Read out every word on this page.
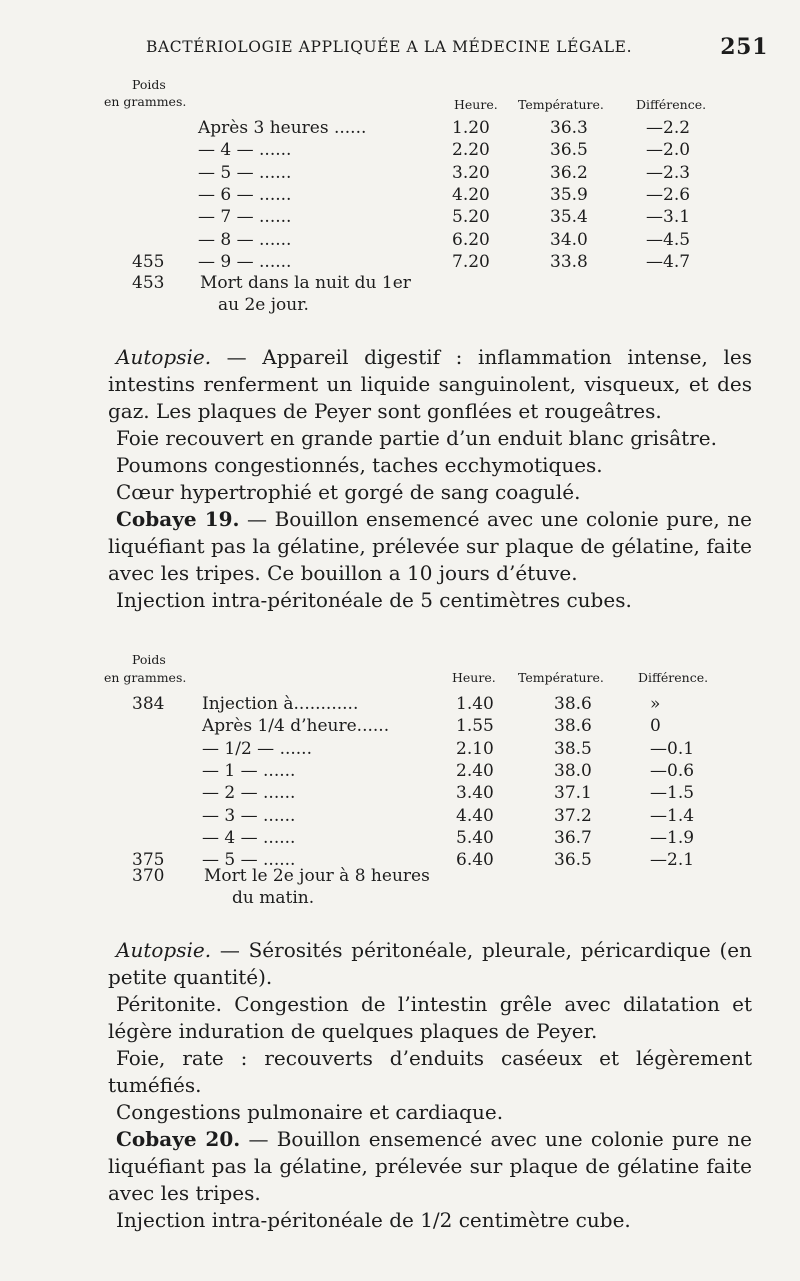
BACTÉRIOLOGIE APPLIQUÉE A LA MÉDECINE LÉGALE.	251
Poids
en grammes.	Heure. Température.	Différence.
Après 3 heures ......	1.20	36.3	—2.2
— 4 — ......	2.20	36.5	—2.0
— 5 — ......	3.20	36.2	—2.3
— 6 — ......	4.20	35.9	—2.6
— 7 — ......	5.20	35.4	—3.1
— 8 — ......	6.20	34.0	—4.5
455 — 9 — ......	7.20	33.8	—4.7
453 Mort dans la nuit du 1er
au 2e jour.

Autopsie. — Appareil digestif : inflammation intense, les intestins renferment un liquide sanguinolent, visqueux, et des gaz. Les plaques de Peyer sont gonflées et rougeâtres.

Foie recouvert en grande partie d’un enduit blanc grisâtre.

Poumons congestionnés, taches ecchymotiques.

Cœur hypertrophié et gorgé de sang coagulé.

Cobaye 19. — Bouillon ensemencé avec une colonie pure, ne liquéfiant pas la gélatine, prélevée sur plaque de gélatine, faite avec les tripes. Ce bouillon a 10 jours d’étuve.

Injection intra-péritonéale de 5 centimètres cubes.

Poids
en grammes.	Heure. Température.	Différence.
384 Injection à............	1.40	38.6	»
Après 1/4 d’heure......	1.55	38.6	0
— 1/2 — ......	2.10	38.5	—0.1
— 1 — ......	2.40	38.0	—0.6
— 2 — ......	3.40	37.1	—1.5
— 3 — ......	4.40	37.2	—1.4
— 4 — ......	5.40	36.7	—1.9
375 — 5 — ......	6.40	36.5	—2.1
370 Mort le 2e jour à 8 heures
du matin.

Autopsie. — Sérosités péritonéale, pleurale, péricardique (en petite quantité).

Péritonite. Congestion de l’intestin grêle avec dilatation et légère induration de quelques plaques de Peyer.

Foie, rate : recouverts d’enduits caséeux et légèrement tuméfiés.

Congestions pulmonaire et cardiaque.

Cobaye 20. — Bouillon ensemencé avec une colonie pure ne liquéfiant pas la gélatine, prélevée sur plaque de gélatine faite avec les tripes.

Injection intra-péritonéale de 1/2 centimètre cube.
